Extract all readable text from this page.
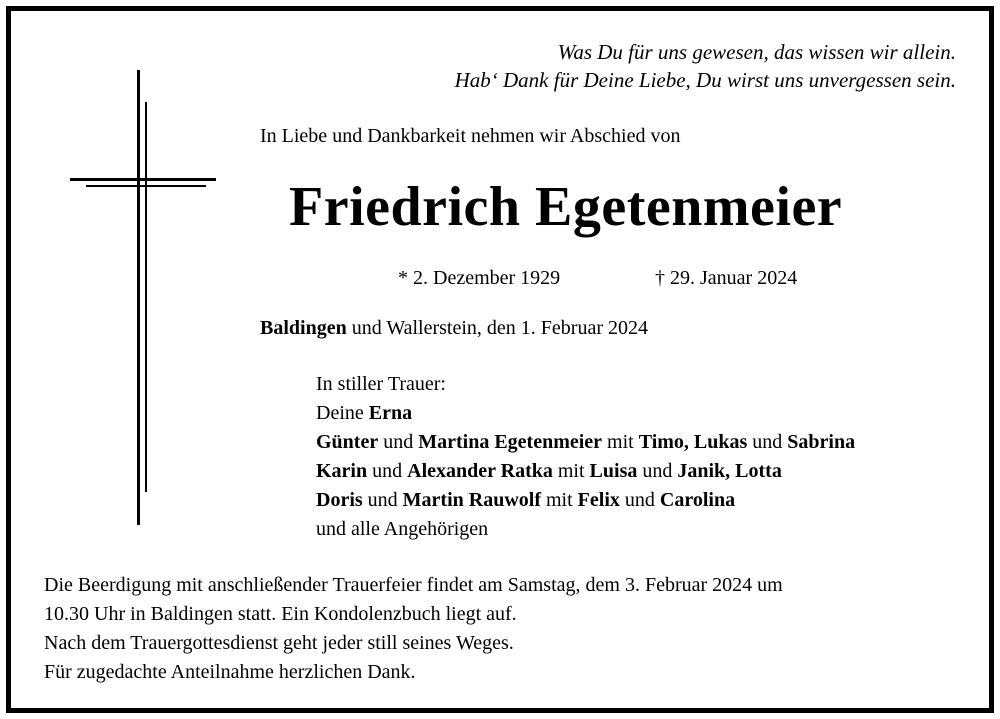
Was Du für uns gewesen, das wissen wir allein.
Hab‘ Dank für Deine Liebe, Du wirst uns unvergessen sein.
In Liebe und Dankbarkeit nehmen wir Abschied von
Friedrich Egetenmeier
* 2. Dezember 1929	† 29. Januar 2024
Baldingen und Wallerstein, den 1. Februar 2024
In stiller Trauer:
Deine Erna
Günter und Martina Egetenmeier mit Timo, Lukas und Sabrina
Karin und Alexander Ratka mit Luisa und Janik, Lotta
Doris und Martin Rauwolf mit Felix und Carolina
und alle Angehörigen
Die Beerdigung mit anschließender Trauerfeier findet am Samstag, dem 3. Februar 2024 um
10.30 Uhr in Baldingen statt. Ein Kondolenzbuch liegt auf.
Nach dem Trauergottesdienst geht jeder still seines Weges.
Für zugedachte Anteilnahme herzlichen Dank.
